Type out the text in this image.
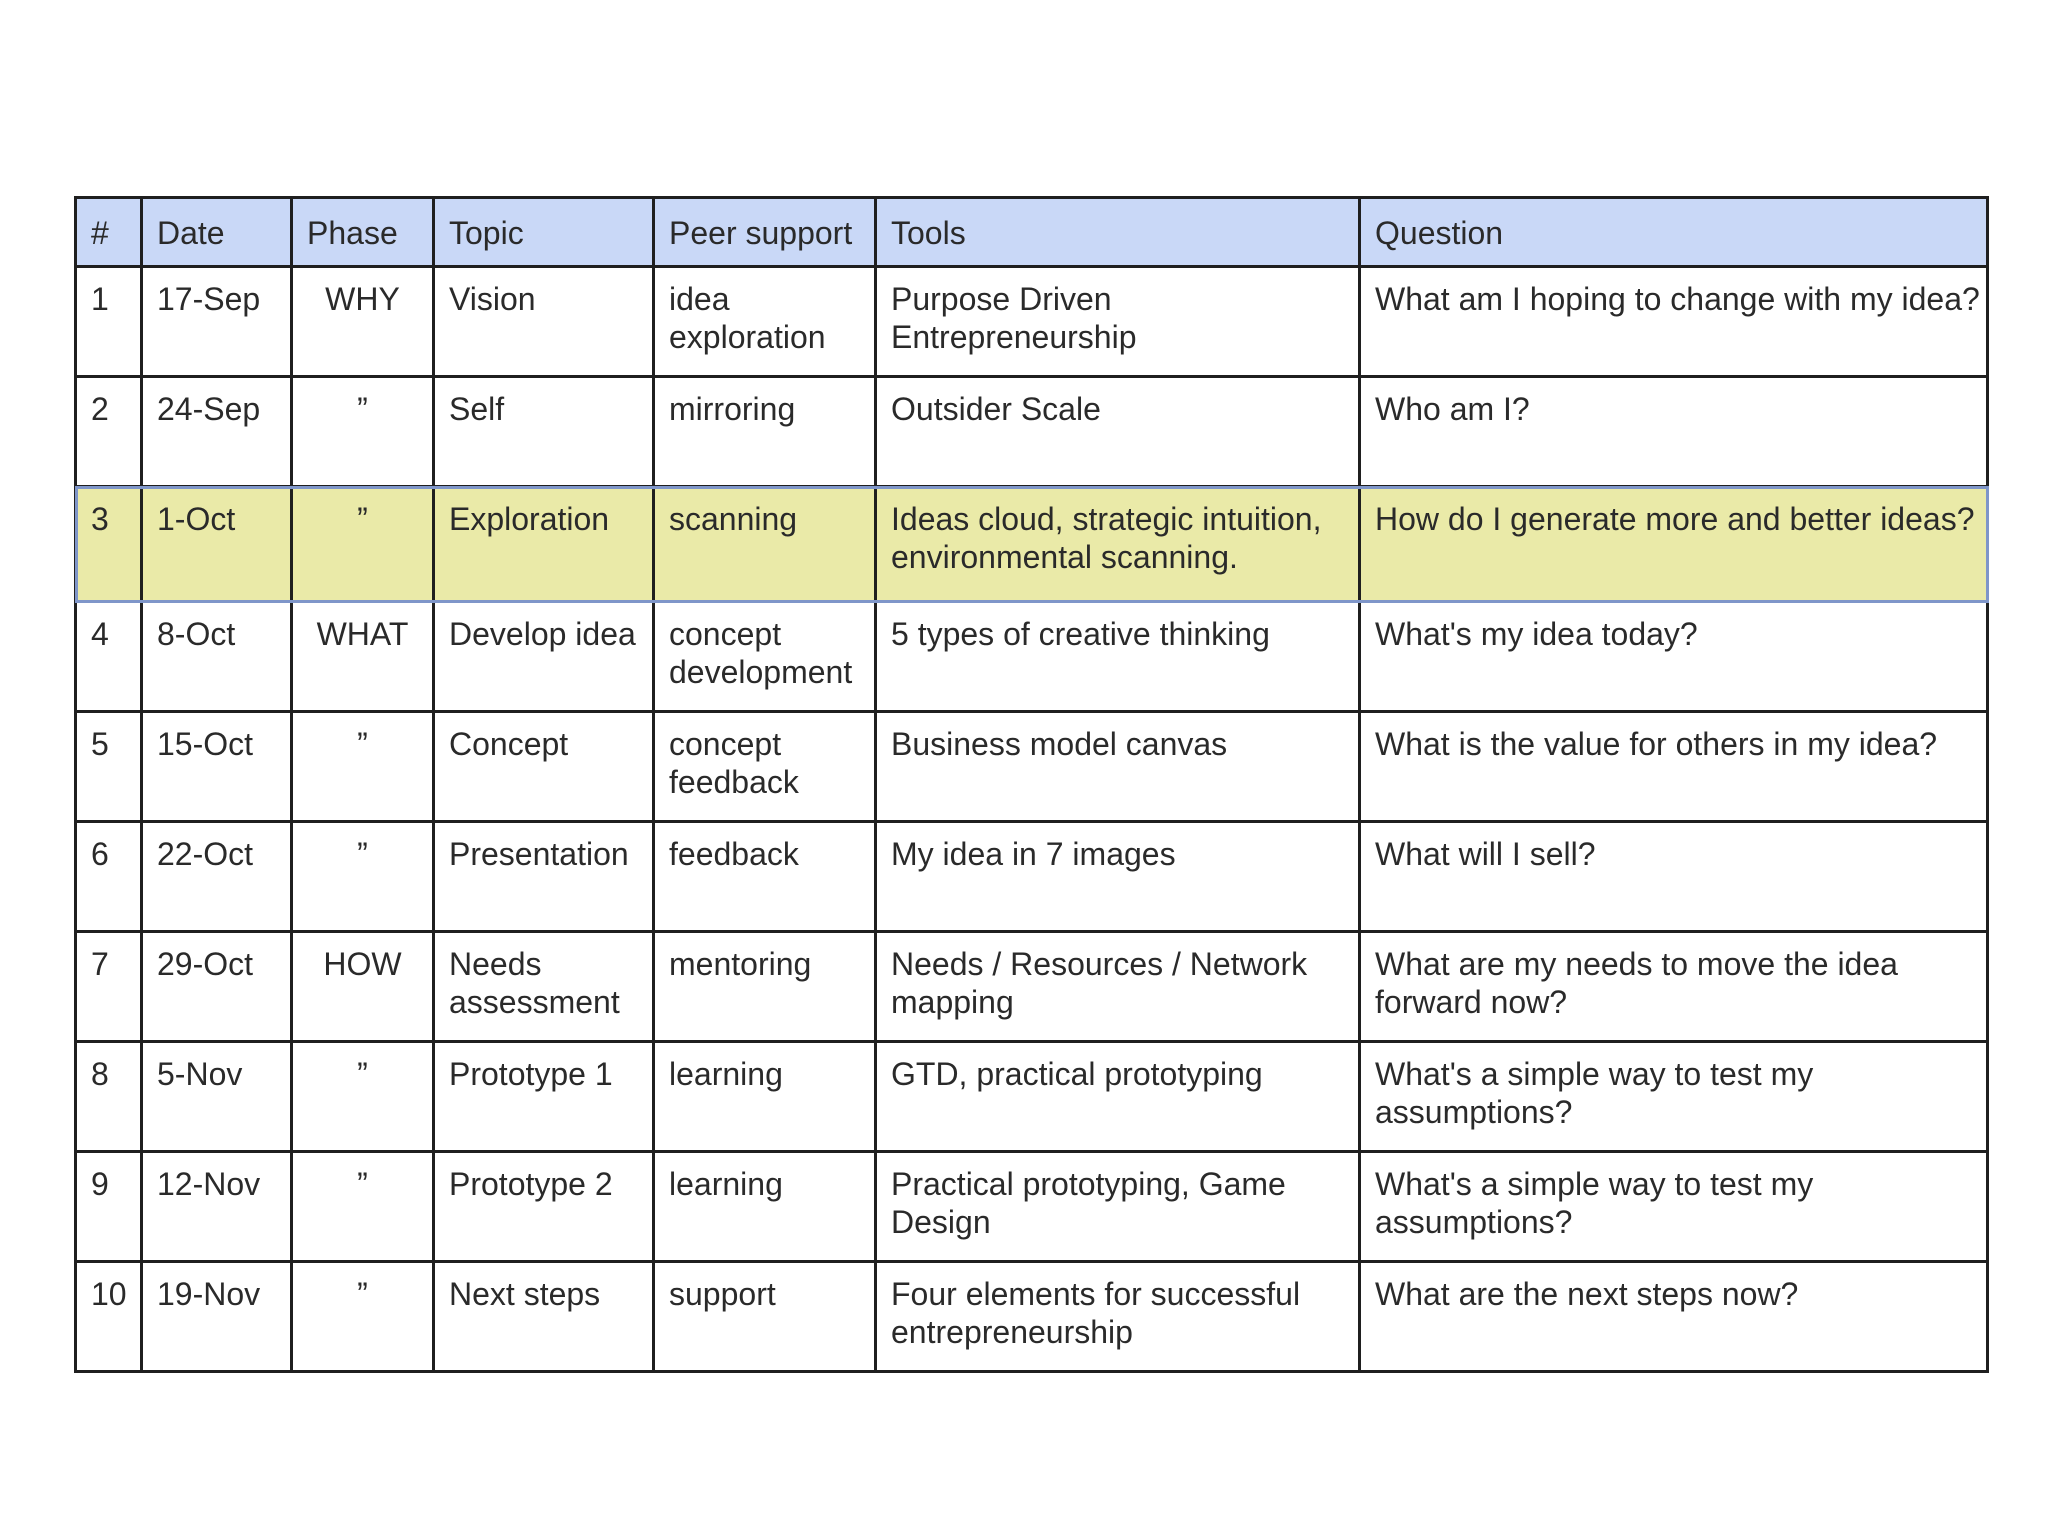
#	Date	Phase	Topic	Peer support	Tools	Question
1	17-Sep	WHY	Vision	idea exploration	Purpose Driven Entrepreneurship	What am I hoping to change with my idea?
2	24-Sep	”	Self	mirroring	Outsider Scale	Who am I?
3	1-Oct	”	Exploration	scanning	Ideas cloud, strategic intuition, environmental scanning.	How do I generate more and better ideas?
4	8-Oct	WHAT	Develop idea	concept development	5 types of creative thinking	What's my idea today?
5	15-Oct	”	Concept	concept feedback	Business model canvas	What is the value for others in my idea?
6	22-Oct	”	Presentation	feedback	My idea in 7 images	What will I sell?
7	29-Oct	HOW	Needs assessment	mentoring	Needs / Resources / Network mapping	What are my needs to move the idea forward now?
8	5-Nov	”	Prototype 1	learning	GTD, practical prototyping	What's a simple way to test my assumptions?
9	12-Nov	”	Prototype 2	learning	Practical prototyping, Game Design	What's a simple way to test my assumptions?
10	19-Nov	”	Next steps	support	Four elements for successful entrepreneurship	What are the next steps now?
